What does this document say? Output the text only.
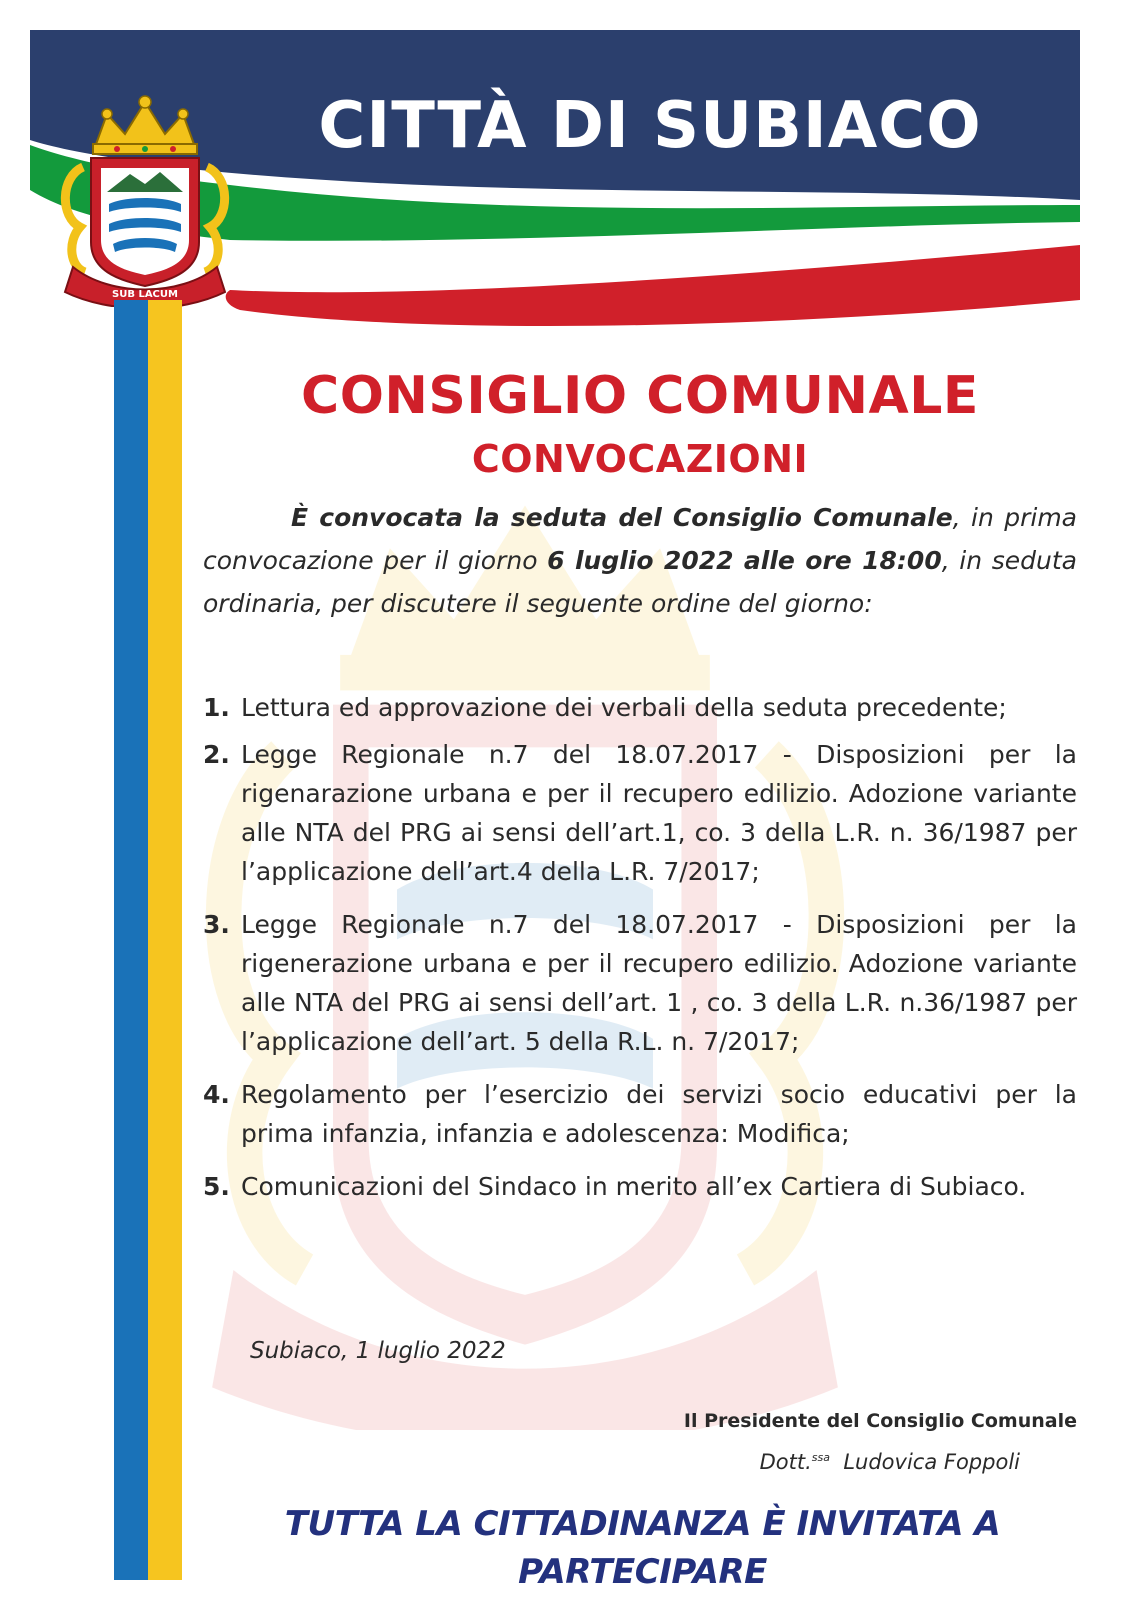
SUB LACUM
CITTÀ DI SUBIACO
CONSIGLIO COMUNALE
CONVOCAZIONI
È convocata la seduta del Consiglio Comunale, in prima convocazione per il giorno 6 luglio 2022 alle ore 18:00, in seduta ordinaria, per discutere il seguente ordine del giorno:
1. Lettura ed approvazione dei verbali della seduta precedente;
2. Legge Regionale n.7 del 18.07.2017 - Disposizioni per la rigenarazione urbana e per il recupero edilizio. Adozione variante alle NTA del PRG ai sensi dell’art.1, co. 3 della L.R. n. 36/1987 per l’applicazione dell’art.4 della L.R. 7/2017;
3. Legge Regionale n.7 del 18.07.2017 - Disposizioni per la rigenerazione urbana e per il recupero edilizio. Adozione variante alle NTA del PRG ai sensi dell’art. 1 , co. 3 della L.R. n.36/1987 per l’applicazione dell’art. 5 della R.L. n. 7/2017;
4. Regolamento per l’esercizio dei servizi socio educativi per la prima infanzia, infanzia e adolescenza: Modifica;
5. Comunicazioni del Sindaco in merito all’ex Cartiera di Subiaco.
Subiaco, 1 luglio 2022
Il Presidente del Consiglio Comunale
Dott.$^{ssa}$ Ludovica Foppoli
TUTTA LA CITTADINANZA È INVITATA A PARTECIPARE
